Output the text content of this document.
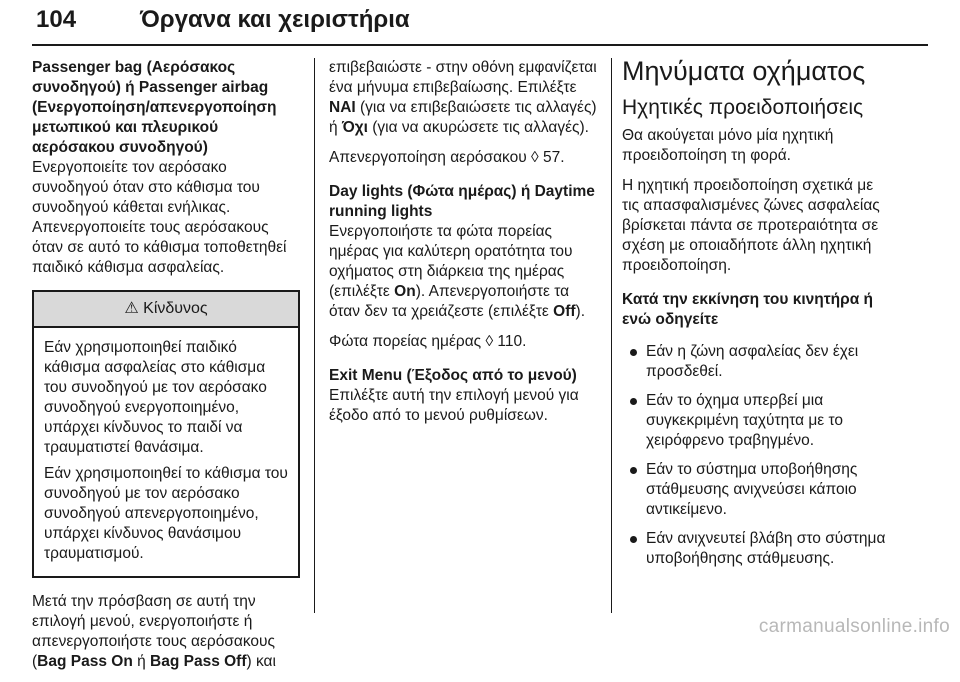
104	Όργανα και χειριστήρια

Passenger bag (Αερόσακος συνοδηγού) ή Passenger airbag (Ενεργοποίηση/απενεργοποίηση μετωπικού και πλευρικού αερόσακου συνοδηγού)

Ενεργοποιείτε τον αερόσακο συνοδηγού όταν στο κάθισμα του συνοδηγού κάθεται ενήλικας. Απενεργοποιείτε τους αερόσακους όταν σε αυτό το κάθισμα τοποθετηθεί παιδικό κάθισμα ασφαλείας.

⚠ Κίνδυνος

Εάν χρησιμοποιηθεί παιδικό κάθισμα ασφαλείας στο κάθισμα του συνοδηγού με τον αερόσακο συνοδηγού ενεργοποιημένο, υπάρχει κίνδυνος το παιδί να τραυματιστεί θανάσιμα.

Εάν χρησιμοποιηθεί το κάθισμα του συνοδηγού με τον αερόσακο συνοδηγού απενεργοποιημένο, υπάρχει κίνδυνος θανάσιμου τραυματισμού.

Μετά την πρόσβαση σε αυτή την επιλογή μενού, ενεργοποιήστε ή απενεργοποιήστε τους αερόσακους (Bag Pass On ή Bag Pass Off) και

επιβεβαιώστε - στην οθόνη εμφανίζεται ένα μήνυμα επιβεβαίωσης. Επιλέξτε NAI (για να επιβεβαιώσετε τις αλλαγές) ή Όχι (για να ακυρώσετε τις αλλαγές).

Απενεργοποίηση αερόσακου ◊ 57.

Day lights (Φώτα ημέρας) ή Daytime running lights

Ενεργοποιήστε τα φώτα πορείας ημέρας για καλύτερη ορατότητα του οχήματος στη διάρκεια της ημέρας (επιλέξτε On). Απενεργοποιήστε τα όταν δεν τα χρειάζεστε (επιλέξτε Off).

Φώτα πορείας ημέρας ◊ 110.

Exit Menu (Έξοδος από το μενού)

Επιλέξτε αυτή την επιλογή μενού για έξοδο από το μενού ρυθμίσεων.

Μηνύματα οχήματος
Ηχητικές προειδοποιήσεις

Θα ακούγεται μόνο μία ηχητική προειδοποίηση τη φορά.

Η ηχητική προειδοποίηση σχετικά με τις απασφαλισμένες ζώνες ασφαλείας βρίσκεται πάντα σε προτεραιότητα σε σχέση με οποιαδήποτε άλλη ηχητική προειδοποίηση.

Κατά την εκκίνηση του κινητήρα ή ενώ οδηγείτε
Εάν η ζώνη ασφαλείας δεν έχει προσδεθεί.
Εάν το όχημα υπερβεί μια συγκεκριμένη ταχύτητα με το χειρόφρενο τραβηγμένο.
Εάν το σύστημα υποβοήθησης στάθμευσης ανιχνεύσει κάποιο αντικείμενο.
Εάν ανιχνευτεί βλάβη στο σύστημα υποβοήθησης στάθμευσης.
carmanualsonline.info
